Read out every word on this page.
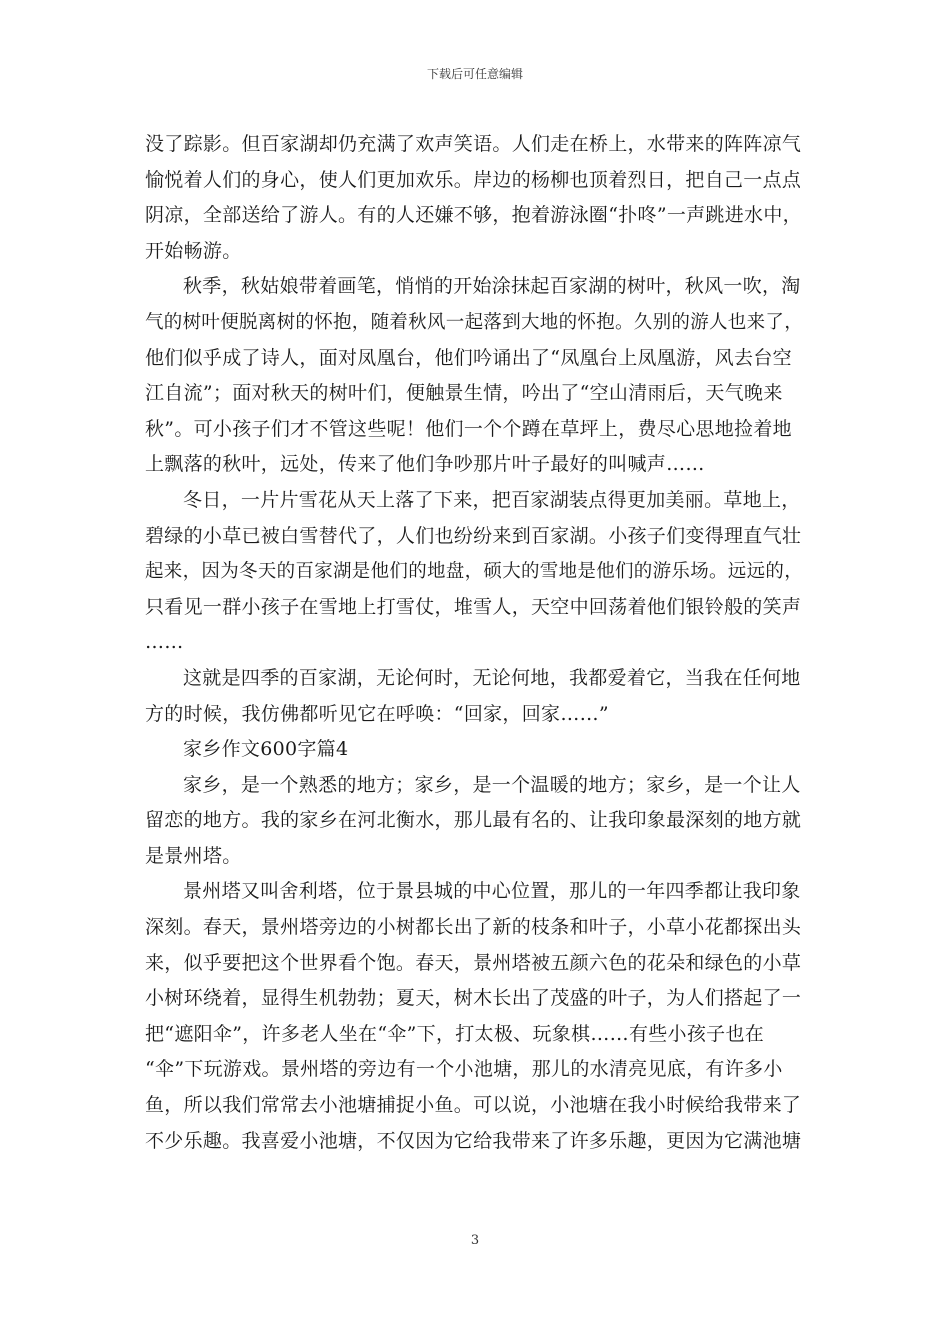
下载后可任意编辑

没了踪影。但百家湖却仍充满了欢声笑语。人们走在桥上，水带来的阵阵凉气
愉悦着人们的身心，使人们更加欢乐。岸边的杨柳也顶着烈日，把自己一点点
阴凉，全部送给了游人。有的人还嫌不够，抱着游泳圈“扑咚”一声跳进水中，
开始畅游。

秋季，秋姑娘带着画笔，悄悄的开始涂抹起百家湖的树叶，秋风一吹，淘
气的树叶便脱离树的怀抱，随着秋风一起落到大地的怀抱。久别的游人也来了，
他们似乎成了诗人，面对凤凰台，他们吟诵出了“凤凰台上凤凰游，风去台空
江自流”；面对秋天的树叶们，便触景生情，吟出了“空山清雨后，天气晚来
秋”。可小孩子们才不管这些呢！他们一个个蹲在草坪上，费尽心思地捡着地
上飘落的秋叶，远处，传来了他们争吵那片叶子最好的叫喊声……

冬日，一片片雪花从天上落了下来，把百家湖装点得更加美丽。草地上，
碧绿的小草已被白雪替代了，人们也纷纷来到百家湖。小孩子们变得理直气壮
起来，因为冬天的百家湖是他们的地盘，硕大的雪地是他们的游乐场。远远的，
只看见一群小孩子在雪地上打雪仗，堆雪人，天空中回荡着他们银铃般的笑声
……

这就是四季的百家湖，无论何时，无论何地，我都爱着它，当我在任何地
方的时候，我仿佛都听见它在呼唤：“回家，回家……”

家乡作文600字篇4

家乡，是一个熟悉的地方；家乡，是一个温暖的地方；家乡，是一个让人
留恋的地方。我的家乡在河北衡水，那儿最有名的、让我印象最深刻的地方就
是景州塔。

景州塔又叫舍利塔，位于景县城的中心位置，那儿的一年四季都让我印象
深刻。春天，景州塔旁边的小树都长出了新的枝条和叶子，小草小花都探出头
来，似乎要把这个世界看个饱。春天，景州塔被五颜六色的花朵和绿色的小草
小树环绕着，显得生机勃勃；夏天，树木长出了茂盛的叶子，为人们搭起了一
把“遮阳伞”，许多老人坐在“伞”下，打太极、玩象棋……有些小孩子也在
“伞”下玩游戏。景州塔的旁边有一个小池塘，那儿的水清亮见底，有许多小
鱼，所以我们常常去小池塘捕捉小鱼。可以说，小池塘在我小时候给我带来了
不少乐趣。我喜爱小池塘，不仅因为它给我带来了许多乐趣，更因为它满池塘

3
